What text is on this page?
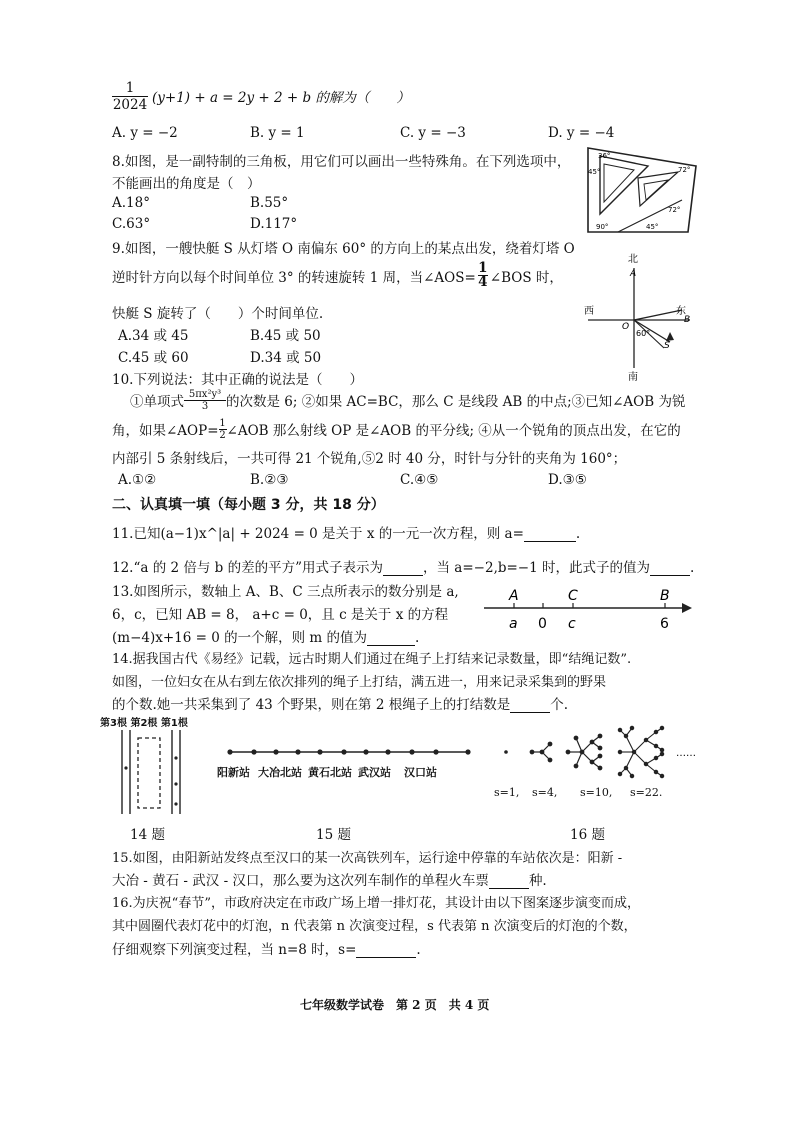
1
2024 (y+1) + a = 2y + 2 + b 的解为（　　）
A. y = −2	B. y = 1	C. y = −3	D. y = −4
8.如图，是一副特制的三角板，用它们可以画出一些特殊角。在下列选项中，
不能画出的角度是（　）
A.18°	B.55°
C.63°	D.117°
36°
45°	72°
72°
90°	45°
9.如图，一艘快艇 S 从灯塔 O 南偏东 60° 的方向上的某点出发，绕着灯塔 O
逆时针方向以每个时间单位 3° 的转速旋转 1 周，当∠AOS=
1
4 ∠BOS 时，
快艇 S 旋转了（　　）个时间单位.
A.34 或 45	B.45 或 50
C.45 或 60	D.34 或 50
北
A
西	东
B
O
60°
S
南
10.下列说法：其中正确的说法是（　　）
①单项式 5πx²y³
3 的次数是 6; ②如果 AC=BC，那么 C 是线段 AB 的中点;③已知∠AOB 为锐
角，如果∠AOP= 1
2 ∠AOB 那么射线 OP 是∠AOB 的平分线; ④从一个锐角的顶点出发，在它的
内部引 5 条射线后，一共可得 21 个锐角,⑤2 时 40 分，时针与分针的夹角为 160°；
A.①②	B.②③	C.④⑤	D.③⑤
二、认真填一填（每小题 3 分，共 18 分）
11.已知(a−1)x^|a| + 2024 = 0 是关于 x 的一元一次方程，则 a=	.
12.“a 的 2 倍与 b 的差的平方”用式子表示为	，当 a=−2,b=−1 时，此式子的值为	.
13.如图所示，数轴上 A、B、C 三点所表示的数分别是 a,
6，c，已知 AB = 8， a+c = 0，且 c 是关于 x 的方程
(m−4)x+16 = 0 的一个解，则 m 的值为	.
A	C	B
a 0 c	6
14.据我国古代《易经》记载，远古时期人们通过在绳子上打结来记录数量，即“结绳记数”.
如图，一位妇女在从右到左依次排列的绳子上打结，满五进一，用来记录采集到的野果
的个数.她一共采集到了 43 个野果，则在第 2 根绳子上的打结数是	个.
第3根 第2根 第1根
阳新站 大冶北站 黄石北站 武汉站 汉口站
……
s=1, s=4, s=10, s=22.
14 题	15 题	16 题
15.如图，由阳新站发终点至汉口的某一次高铁列车，运行途中停靠的车站依次是：阳新 -
大冶 - 黄石 - 武汉 - 汉口，那么要为这次列车制作的单程火车票	种.
16.为庆祝“春节”，市政府决定在市政广场上增一排灯花，其设计由以下图案逐步演变而成，
其中圆圈代表灯花中的灯泡，n 代表第 n 次演变过程，s 代表第 n 次演变后的灯泡的个数，
仔细观察下列演变过程，当 n=8 时，s=	.
七年级数学试卷　第 2 页　共 4 页
